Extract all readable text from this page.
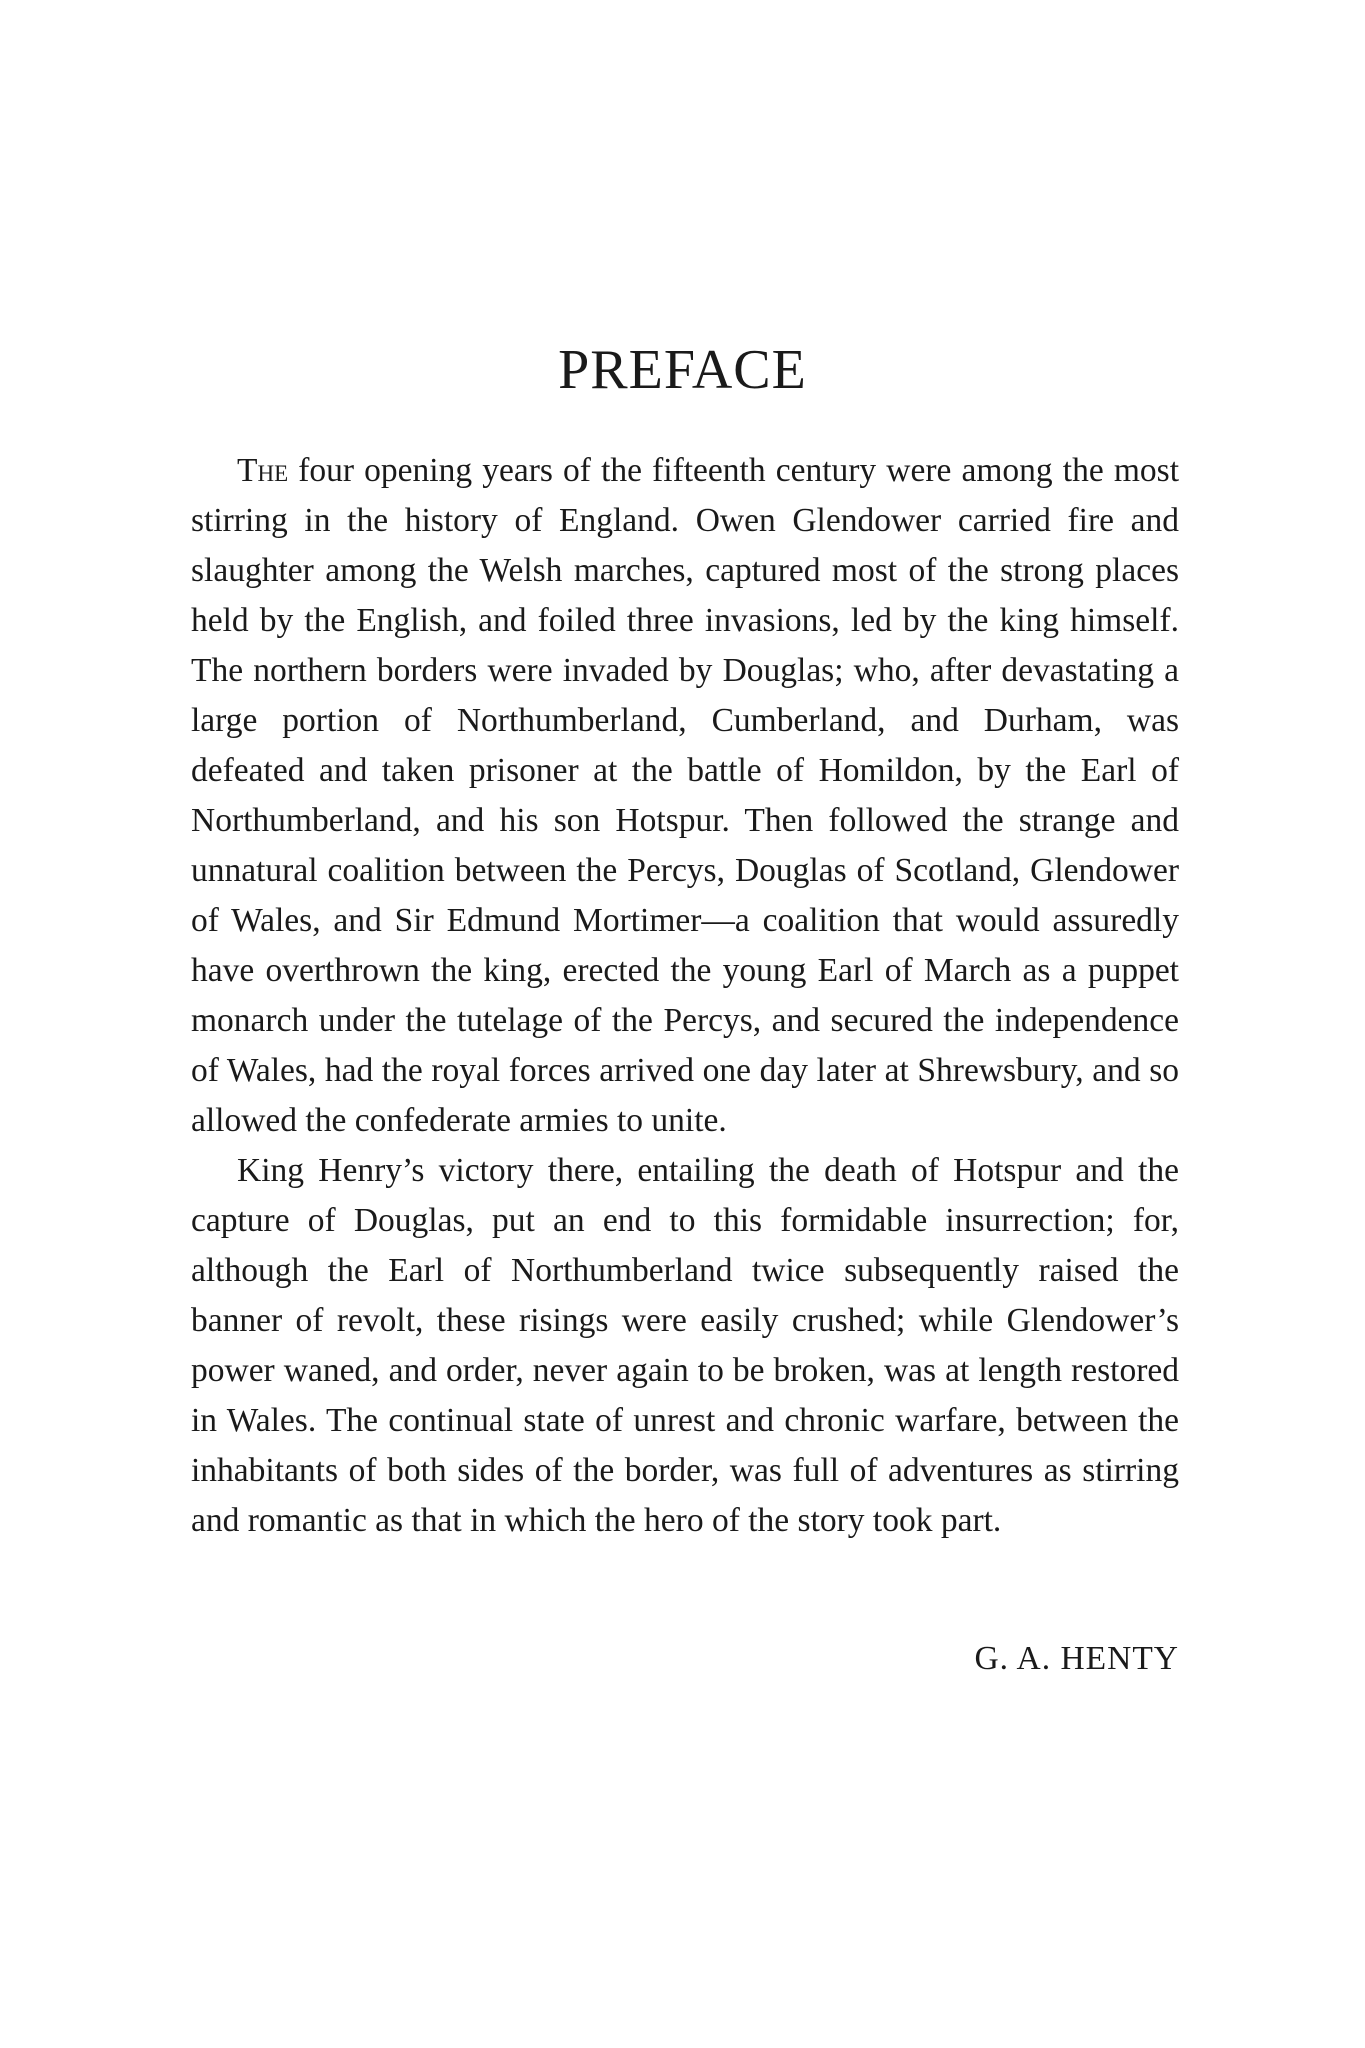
PREFACE

The four opening years of the fifteenth century were among the most stirring in the history of England. Owen Glendower carried fire and slaughter among the Welsh marches, captured most of the strong places held by the English, and foiled three invasions, led by the king himself. The northern borders were invaded by Douglas; who, after devastating a large portion of Northumberland, Cumberland, and Durham, was defeated and taken prisoner at the battle of Homildon, by the Earl of Northumberland, and his son Hotspur. Then followed the strange and unnatural coalition between the Percys, Douglas of Scotland, Glendower of Wales, and Sir Edmund Mortimer—a coalition that would assuredly have overthrown the king, erected the young Earl of March as a puppet monarch under the tutelage of the Percys, and secured the independence of Wales, had the royal forces arrived one day later at Shrewsbury, and so allowed the confederate armies to unite.

King Henry’s victory there, entailing the death of Hotspur and the capture of Douglas, put an end to this formidable insurrection; for, although the Earl of Northumberland twice subsequently raised the banner of revolt, these risings were easily crushed; while Glendower’s power waned, and order, never again to be broken, was at length restored in Wales. The continual state of unrest and chronic warfare, between the inhabitants of both sides of the border, was full of adventures as stirring and romantic as that in which the hero of the story took part.

G. A. HENTY
